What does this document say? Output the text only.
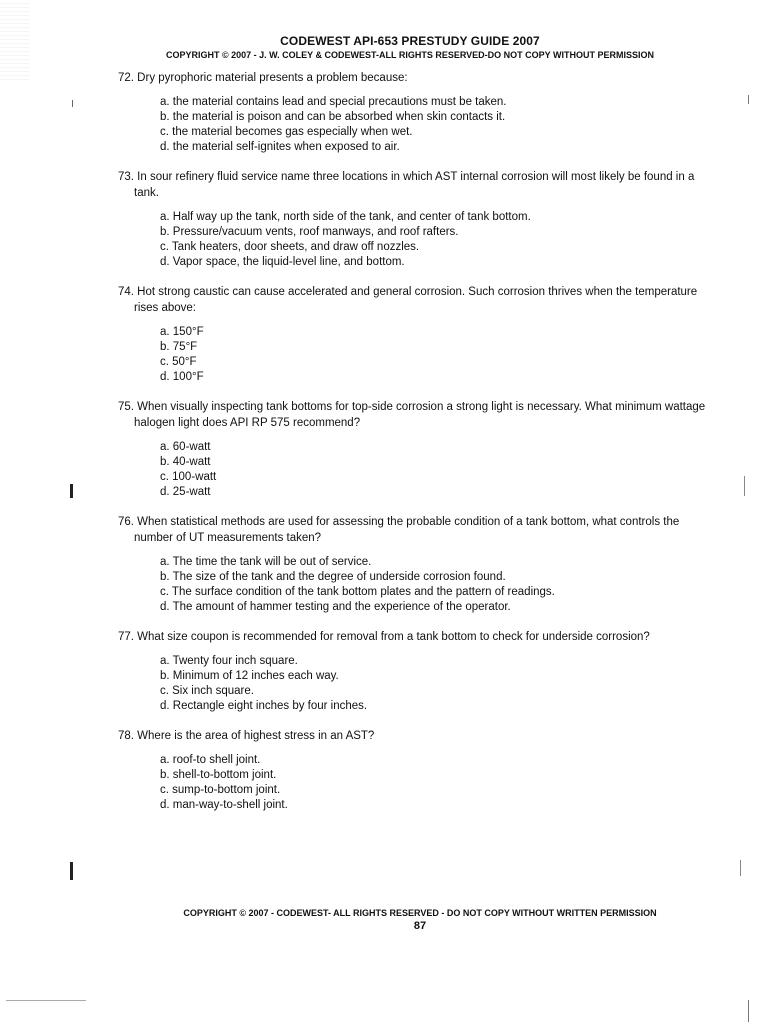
CODEWEST API-653 PRESTUDY GUIDE 2007
COPYRIGHT © 2007 - J. W. COLEY & CODEWEST-ALL RIGHTS RESERVED-DO NOT COPY WITHOUT PERMISSION
72. Dry pyrophoric material presents a problem because:
a. the material contains lead and special precautions must be taken.
b. the material is poison and can be absorbed when skin contacts it.
c. the material becomes gas especially when wet.
d. the material self-ignites when exposed to air.
73. In sour refinery fluid service name three locations in which AST internal corrosion will most likely be found in a tank.
a. Half way up the tank, north side of the tank, and center of tank bottom.
b. Pressure/vacuum vents, roof manways, and roof rafters.
c. Tank heaters, door sheets, and draw off nozzles.
d. Vapor space, the liquid-level line, and bottom.
74. Hot strong caustic can cause accelerated and general corrosion. Such corrosion thrives when the temperature rises above:
a. 150°F
b. 75°F
c. 50°F
d. 100°F
75. When visually inspecting tank bottoms for top-side corrosion a strong light is necessary. What minimum wattage halogen light does API RP 575 recommend?
a. 60-watt
b. 40-watt
c. 100-watt
d. 25-watt
76. When statistical methods are used for assessing the probable condition of a tank bottom, what controls the number of UT measurements taken?
a. The time the tank will be out of service.
b. The size of the tank and the degree of underside corrosion found.
c. The surface condition of the tank bottom plates and the pattern of readings.
d. The amount of hammer testing and the experience of the operator.
77. What size coupon is recommended for removal from a tank bottom to check for underside corrosion?
a. Twenty four inch square.
b. Minimum of 12 inches each way.
c. Six inch square.
d. Rectangle eight inches by four inches.
78. Where is the area of highest stress in an AST?
a. roof-to shell joint.
b. shell-to-bottom joint.
c. sump-to-bottom joint.
d. man-way-to-shell joint.
COPYRIGHT © 2007 - CODEWEST- ALL RIGHTS RESERVED - DO NOT COPY WITHOUT WRITTEN PERMISSION
87
